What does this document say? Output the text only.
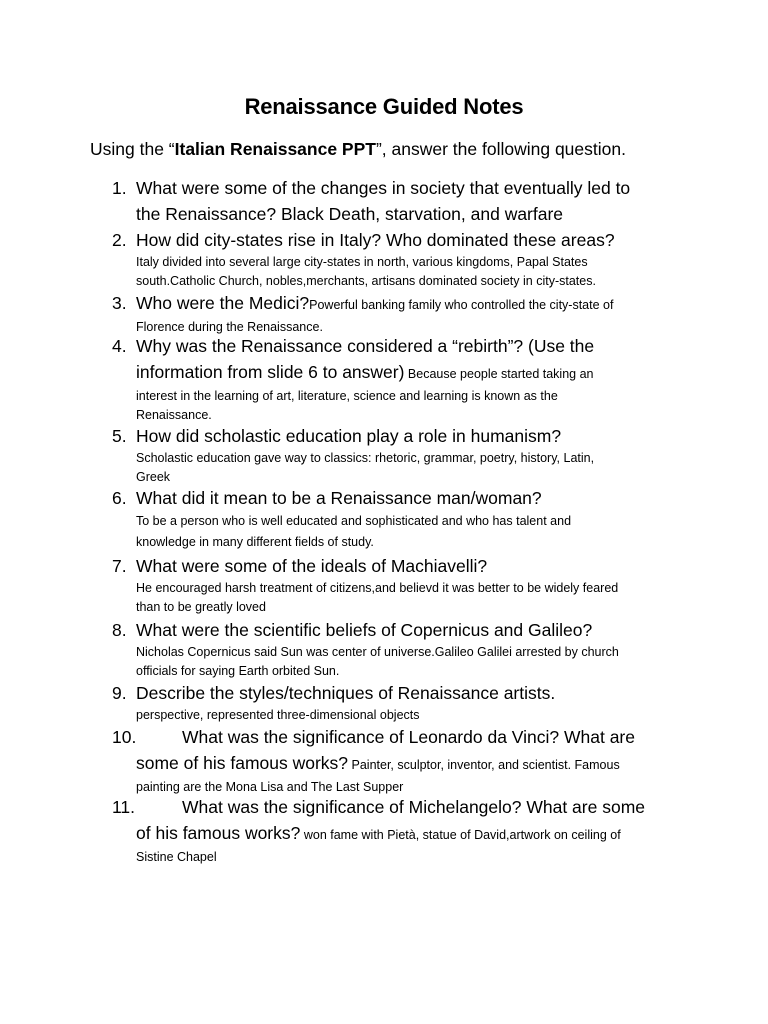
Renaissance Guided Notes
Using the “Italian Renaissance PPT”, answer the following question.
1. What were some of the changes in society that eventually led to

the Renaissance? Black Death, starvation, and warfare

2. How did city-states rise in Italy? Who dominated these areas?

Italy divided into several large city-states in north, various kingdoms, Papal States

south.Catholic Church, nobles,merchants, artisans dominated society in city-states.

3. Who were the Medici?Powerful banking family who controlled the city-state of

Florence during the Renaissance.

4. Why was the Renaissance considered a “rebirth”? (Use the

information from slide 6 to answer) Because people started taking an

interest in the learning of art, literature, science and learning is known as the

Renaissance.

5. How did scholastic education play a role in humanism?

Scholastic education gave way to classics: rhetoric, grammar, poetry, history, Latin,

Greek

6. What did it mean to be a Renaissance man/woman?

To be a person who is well educated and sophisticated and who has talent and

knowledge in many different fields of study.

7. What were some of the ideals of Machiavelli?

He encouraged harsh treatment of citizens,and believd it was better to be widely feared

than to be greatly loved

8. What were the scientific beliefs of Copernicus and Galileo?

Nicholas Copernicus said Sun was center of universe.Galileo Galilei arrested by church

officials for saying Earth orbited Sun.

9. Describe the styles/techniques of Renaissance artists.

perspective, represented three-dimensional objects

10.	What was the significance of Leonardo da Vinci? What are

some of his famous works? Painter, sculptor, inventor, and scientist. Famous

painting are the Mona Lisa and The Last Supper

11.	What was the significance of Michelangelo? What are some

of his famous works? won fame with Pietà, statue of David,artwork on ceiling of

Sistine Chapel
